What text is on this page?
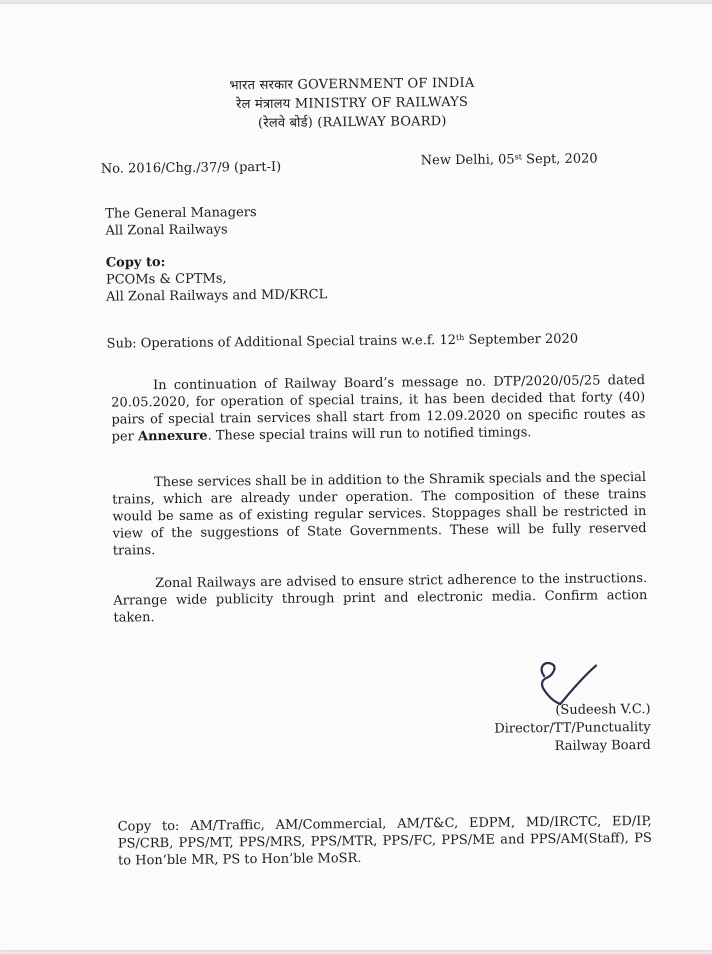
भारत सरकार GOVERNMENT OF INDIA
रेल मंत्रालय MINISTRY OF RAILWAYS
(रेलवे बोर्ड) (RAILWAY BOARD)
No. 2016/Chg./37/9 (part-I)	New Delhi, 05st Sept, 2020
The General Managers
All Zonal Railways
Copy to:
PCOMs & CPTMs,
All Zonal Railways and MD/KRCL
Sub: Operations of Additional Special trains w.e.f. 12th September 2020
In continuation of Railway Board’s message no. DTP/2020/05/25 dated 20.05.2020, for operation of special trains, it has been decided that forty (40) pairs of special train services shall start from 12.09.2020 on specific routes as per Annexure. These special trains will run to notified timings.
These services shall be in addition to the Shramik specials and the special trains, which are already under operation. The composition of these trains would be same as of existing regular services. Stoppages shall be restricted in view of the suggestions of State Governments. These will be fully reserved trains.
Zonal Railways are advised to ensure strict adherence to the instructions. Arrange wide publicity through print and electronic media. Confirm action taken.
(Sudeesh V.C.)
Director/TT/Punctuality
Railway Board
Copy to: AM/Traffic, AM/Commercial, AM/T&C, EDPM, MD/IRCTC, ED/IP, PS/CRB, PPS/MT, PPS/MRS, PPS/MTR, PPS/FC, PPS/ME and PPS/AM(Staff), PS to Hon’ble MR, PS to Hon’ble MoSR.
